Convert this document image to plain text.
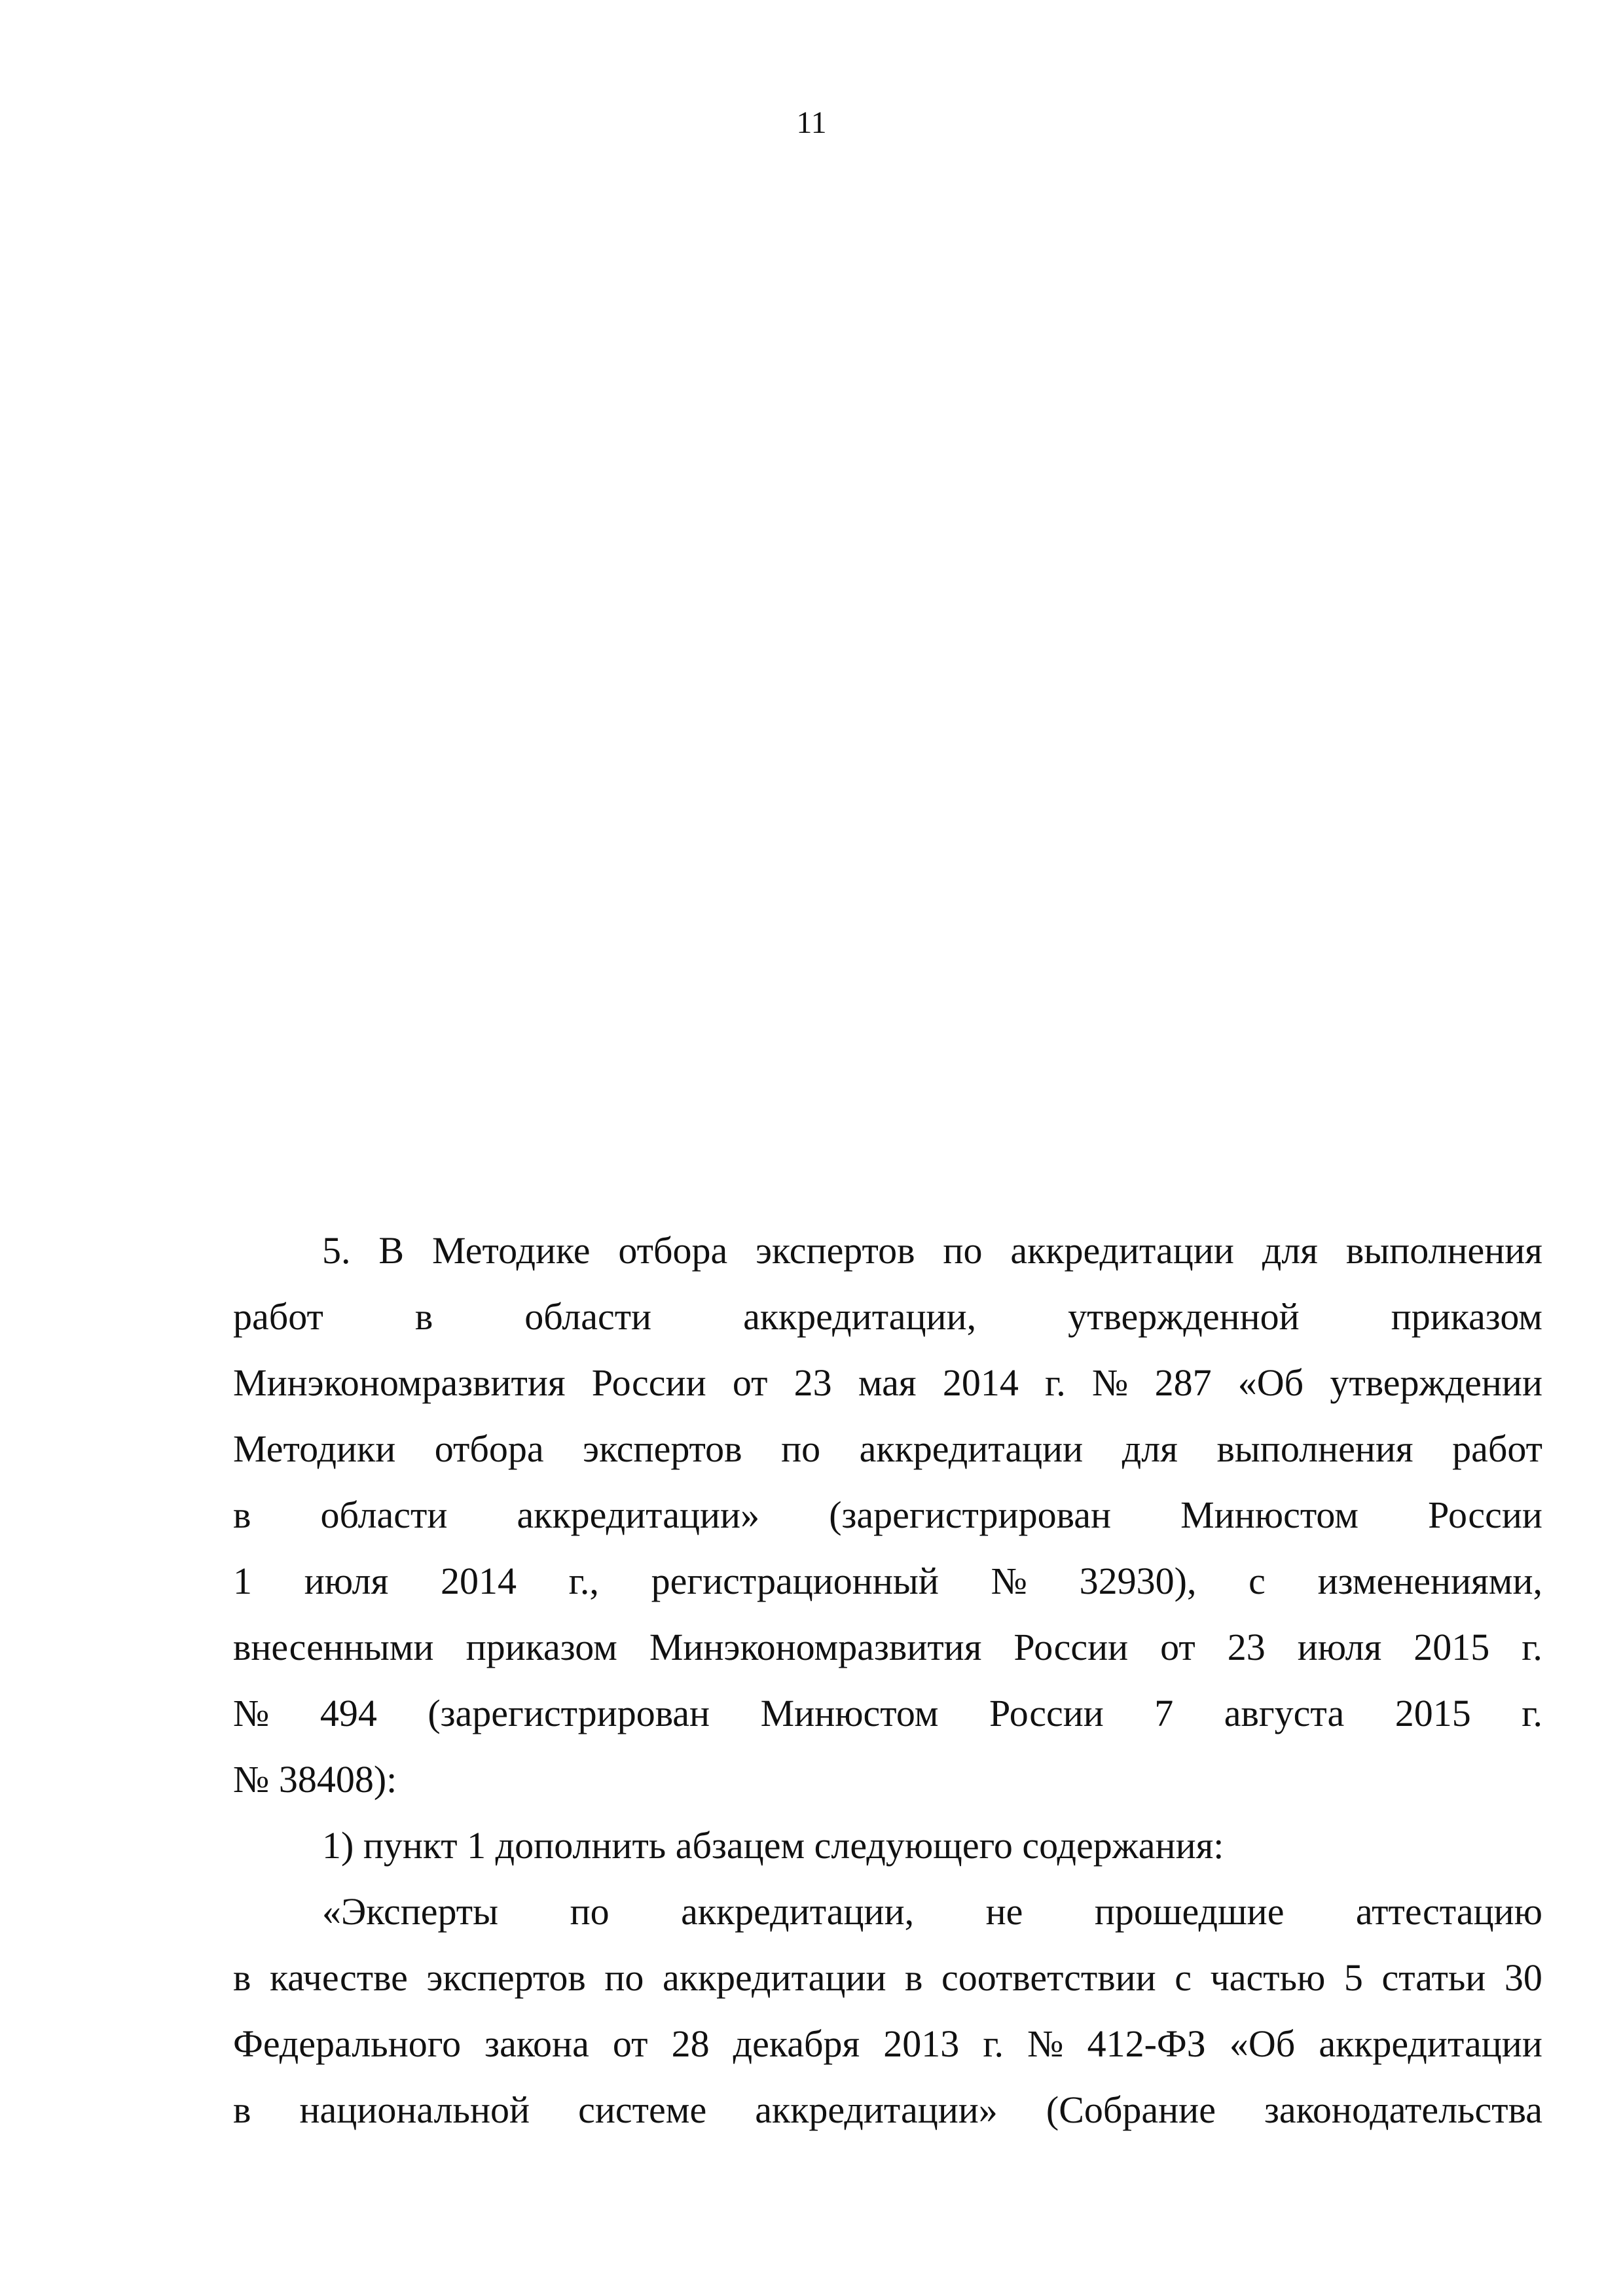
11
5. В Методике отбора экспертов по аккредитации для выполнения
работ в области аккредитации, утвержденной приказом
Минэкономразвития России от 23 мая 2014 г. № 287 «Об утверждении
Методики отбора экспертов по аккредитации для выполнения работ
в области аккредитации» (зарегистрирован Минюстом России
1 июля 2014 г., регистрационный № 32930), с изменениями,
внесенными приказом Минэкономразвития России от 23 июля 2015 г.
№ 494 (зарегистрирован Минюстом России 7 августа 2015 г.
№ 38408):
1) пункт 1 дополнить абзацем следующего содержания:
«Эксперты по аккредитации, не прошедшие аттестацию
в качестве экспертов по аккредитации в соответствии с частью 5 статьи 30
Федерального закона от 28 декабря 2013 г. № 412-ФЗ «Об аккредитации
в национальной системе аккредитации» (Собрание законодательства
